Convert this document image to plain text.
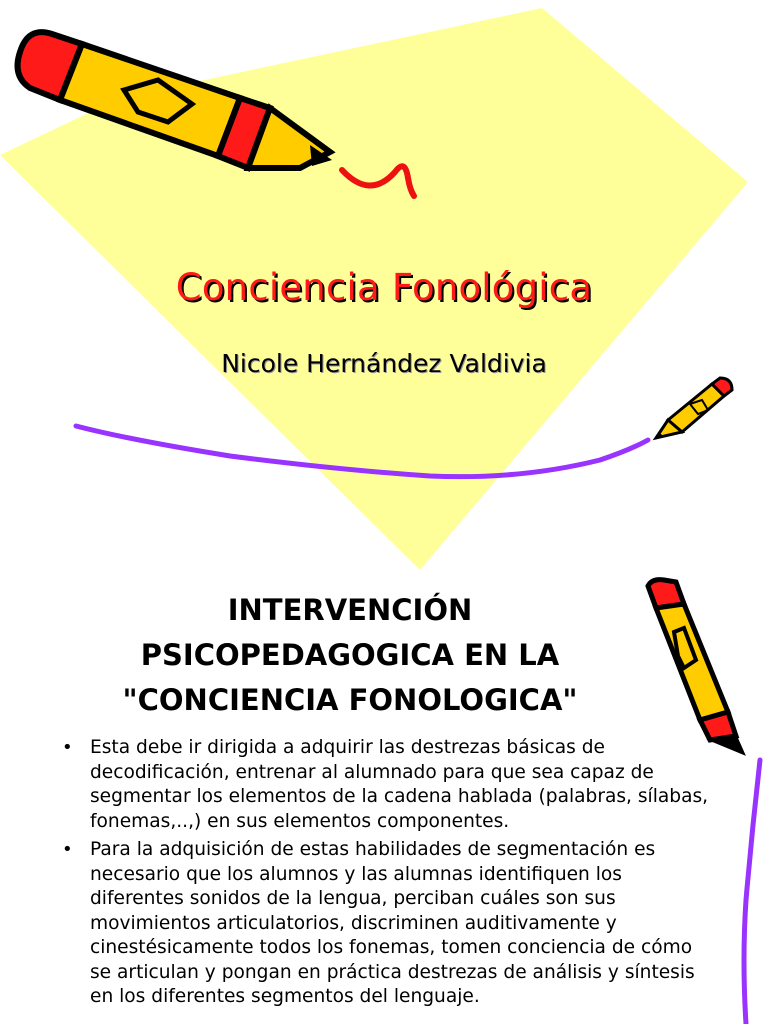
Conciencia Fonológica
Nicole Hernández Valdivia
INTERVENCIÓN
PSICOPEDAGOGICA EN LA
"CONCIENCIA FONOLOGICA"
• Esta debe ir dirigida a adquirir las destrezas básicas de decodificación, entrenar al alumnado para que sea capaz de segmentar los elementos de la cadena hablada (palabras, sílabas, fonemas,..,) en sus elementos componentes.
• Para la adquisición de estas habilidades de segmentación es necesario que los alumnos y las alumnas identifiquen los diferentes sonidos de la lengua, perciban cuáles son sus movimientos articulatorios, discriminen auditivamente y cinestésicamente todos los fonemas, tomen conciencia de cómo se articulan y pongan en práctica destrezas de análisis y síntesis en los diferentes segmentos del lenguaje.
